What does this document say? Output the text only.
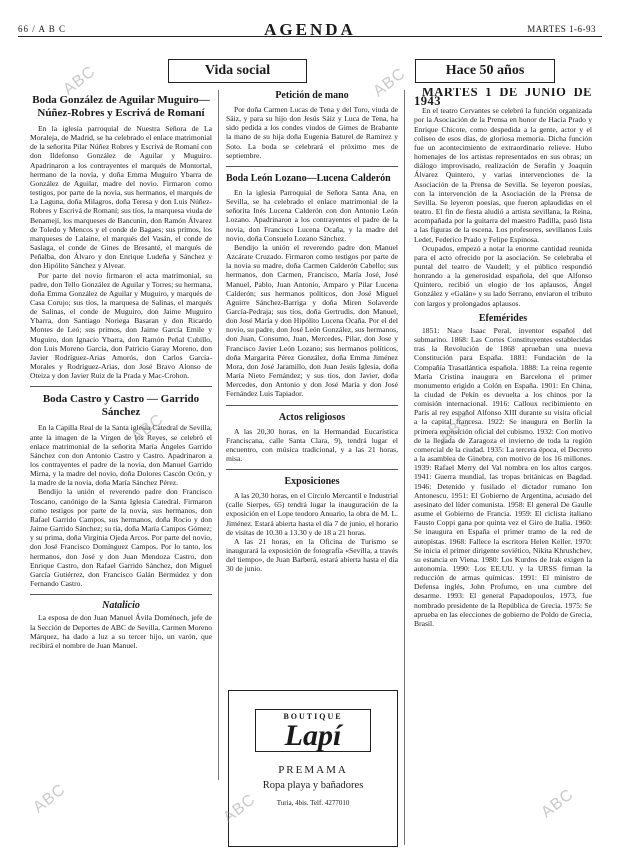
66 / A B C	AGENDA	MARTES 1-6-93
Vida social	Hace 50 años
Boda González de Aguilar Muguiro—Núñez-Robres y Escrivá de Romaní

En la iglesia parroquial de Nuestra Señora de La Moraleja, de Madrid, se ha celebrado el enlace matrimonial de la señorita Pilar Núñez Robres y Escrivá de Romaní con don Ildefonso González de Aguilar y Muguiro. Apadrinaron a los contrayentes el marqués de Montortal, hermano de la novia, y doña Emma Muguiro Ybarra de González de Aguilar, madre del novio. Firmaron como testigos, por parte de la novia, sus hermanos, el marqués de La Laguna, doña Milagros, doña Teresa y don Luis Núñez-Robres y Escrivá de Romaní; sus tíos, la marquesa viuda de Benamejí, los marqueses de Bancunin, don Ramón Álvarez de Toledo y Mencos y el conde de Bagaes; sus primos, los marqueses de Lalaine, el marqués del Vasán, el conde de Saslaga, el conde de Gines de Bresanté, el marqués de Peñalba, don Álvaro y don Enrique Ludeña y Sánchez y don Hipólito Sánchez y Alvear.

Por parte del novio firmaron el acta matrimonial, su padre, don Tello González de Aguilar y Torres; su hermana, doña Emma González de Aguilar y Muguiro, y marqués de Casa Corujo; sus tíos, la marquesa de Salinas, el marqués de Salinas, el conde de Muguiro, don Jaime Muguiro Ybarra, don Santiago Noriega Basaran y don Ricardo Montes de Leó; sus primos, don Jaime García Emile y Muguiro, don Ignacio Ybarra, don Ramón Peñal Cubillo, don Luis Moreno García, don Patricio Garay Moreno, don Javier Rodríguez-Arias Amorós, don Carlos García-Morales y Rodríguez-Arias, don José Bravo Alonso de Oteiza y don Javier Ruiz de la Prada y Mac-Crohon.

Boda Castro y Castro — Garrido Sánchez

En la Capilla Real de la Santa iglesia Catedral de Sevilla, ante la imagen de la Virgen de los Reyes, se celebró el enlace matrimonial de la señorita María Ángeles Garrido Sánchez con don Antonio Castro y Castro. Apadrinaron a los contrayentes el padre de la novia, don Manuel Garrido Mirna, y la madre del novio, doña Dolores Cascón Ocón, y la madre de la novia, doña María Sánchez Pérez.

Bendijo la unión el reverendo padre don Francisco Toscano, canónigo de la Santa Iglesia Catedral. Firmaron como testigos por parte de la novia, sus hermanos, don Rafael Garrido Campos, sus hermanos, doña Rocío y don Jaime Garrido Sánchez; su tía, doña María Campos Gómez; y su prima, doña Virginia Ojeda Arcos. Por parte del novio, don José Francisco Domínguez Campos. Por lo tanto, los hermanos, don José y don Juan Mendoza Castro, don Enrique Castro, don Rafael Garrido Sánchez, don Miguel García Gutiérrez, don Francisco Galán Bermúdez y don Fernando Castro.

Natalicio

La esposa de don Juan Manuel Ávila Doménech, jefe de la Sección de Deportes de ABC de Sevilla, Carmen Moreno Márquez, ha dado a luz a su tercer hijo, un varón, que recibirá el nombre de Juan Manuel.

Petición de mano

Por doña Carmen Lucas de Tena y del Toro, viuda de Sáiz, y para su hijo don Jesús Sáiz y Luca de Tena, ha sido pedida a los condes viudos de Gimes de Brabante la mano de su hija doña Eugenia Baturel de Ramírez y Soto. La boda se celebrará el próximo mes de septiembre.

Boda León Lozano—Lucena Calderón

En la iglesia Parroquial de Señora Santa Ana, en Sevilla, se ha celebrado el enlace matrimonial de la señorita Inés Lucena Calderón con don Antonio León Lozano. Apadrinaron a los contrayentes el padre de la novia, don Francisco Lucena Ocaña, y la madre del novio, doña Consuelo Lozano Sánchez.

Bendijo la unión el reverendo padre don Manuel Azcárate Cruzado. Firmaron como testigos por parte de la novia su madre, doña Carmen Calderón Cabello; sus hermanos, don Carmen, Francisco, María José, José Manuel, Pablo, Juan Antonio, Amparo y Pilar Lucena Calderón; sus hermanos políticos, don José Miguel Aguirre Sánchez-Barriga y doña Miren Solaverde García-Pedraja; sus tíos, doña Gertrudis, don Manuel, don José María y don Hipólito Lucena Ocaña. Por el del novio, su padre, don José León González, sus hermanos, don Juan, Consumo, Juan, Mercedes, Pilar, don Jose y Francisco Javier León Lozano; sus hermanos políticos, doña Margarita Pérez González, doña Emma Jiménez Mora, don José Jaramillo, don Juan Jesús Iglesia, doña María Nieto Fernández; y sus tíos, don Javier, doña Mercedes, don Antonio y don José María y don José Fernández Luis Tapiador.

Actos religiosos

A las 20,30 horas, en la Hermandad Eucarística Franciscana, calle Santa Clara, 9), tendrá lugar el encuentro, con música tradicional, y a las 21 horas, misa.

Exposiciones

A las 20,30 horas, en el Círculo Mercantil e Industrial (calle Sierpes, 65) tendrá lugar la inauguración de la exposición en el Lope teodoro Anuario, la obra de M. L. Jiménez. Estará abierta hasta el día 7 de junio, el horario de visitas de 10.30 a 13.30 y de 18 a 21 horas.

A las 21 horas, en la Oficina de Turismo se inaugurará la exposición de fotografía «Sevilla, a través del tiempo», de Juan Barberá, estará abierta hasta el día 30 de junio.

BOUTIQUE
Lapí
PREMAMA
Ropa playa y bañadores
Turia, 4bis. Telf. 4277010

MARTES 1 DE JUNIO DE 1943

En el teatro Cervantes se celebró la función organizada por la Asociación de la Prensa en honor de Hacia Prado y Enrique Chicote, como despedida a la gente, actor y el coliseo de esos días, de gloriosa memoria. Dicha función fue un acontecimiento de extraordinario relieve. Hubo homenajes de los artistas representados en sus obras; un diálogo improvisado, realización de Serafín y Joaquín Álvarez Quintero, y varias intervenciones de la Asociación de la Prensa de Sevilla. Se leyeron poesías, con la intervención de la Asociación de la Prensa de Sevilla. Se leyeron poesías, que fueron aplaudidas en el teatro. El fin de fiesta aludió a artista sevillana, la Reina, acompañada por la guitarra del maestro Padilla, pasó lista a las figuras de la escena. Los profesores, sevillanos Luis Ledet, Federico Prado y Felipe Espinosa.

Ocupados, empezó a notar la enorme cantidad reunida para el acto ofrecido por la asociación. Se celebraba el puntal del teatro de Vaudell; y el público respondió honrando a la generosidad española, del que Alfonso Quintero, recibió un elogio de los aplausos, Ángel González y «Galán» y su lado Serrano, enviaron el tributo con largos y prolongados aplausos.

Efemérides

1851: Nace Isaac Peral, inventor español del submarino. 1868: Las Cortes Constituyentes establecidas tras la Revolución de 1868 aprueban una nueva Constitución para España. 1881: Fundación de la Compañía Trasatlántica española. 1888: La reina regente María Cristina inaugura en Barcelona el primer monumento erigido a Colón en España. 1901: En China, la ciudad de Pekín es devuelta a los chinos por la comisión internacional. 1916: Calloux recibimiento en París al rey español Alfonso XIII durante su visita oficial a la capital francesa. 1922: Se inaugura en Berlín la primera exposición oficial del cubismo. 1932: Con motivo de la llegada de Zaragoza el invierno de toda la región comercial de la ciudad. 1935: La tercera época, el Decreto a la asamblea de Ginebra, con motivo de los 16 millones. 1939: Rafael Merry del Val nombra en los altos cargos. 1941: Guerra mundial, las tropas británicas en Bagdad. 1946: Detenido y fusilado el dictador rumano Ion Antonescu. 1951: El Gobierno de Argentina, acusado del asesinato del líder comunista. 1958: El general De Gaulle asume el Gobierno de Francia. 1959: El ciclista italiano Fausto Coppi gana por quinta vez el Giro de Italia. 1960: Se inaugura en España el primer tramo de la red de autopistas. 1968: Fallece la escritora Helen Keller. 1970: Se inicia el primer dirigente soviético, Nikita Khrushchev, su estancia en Viena. 1980: Los Kurdos de Irak exigen la autonomía. 1990: Los EE.UU. y la URSS firman la reducción de armas químicas. 1991: El ministro de Defensa inglés, John Profumo, en una cumbre del desarme. 1993: El general Papadopoulos, 1973, fue nombrado presidente de la República de Grecia. 1975: Se aprueba en las elecciones de gobierno de Poldo de Grecia, Brasil.

ABC	ABC
ABC	ABC
ABC	ABC	ABC
